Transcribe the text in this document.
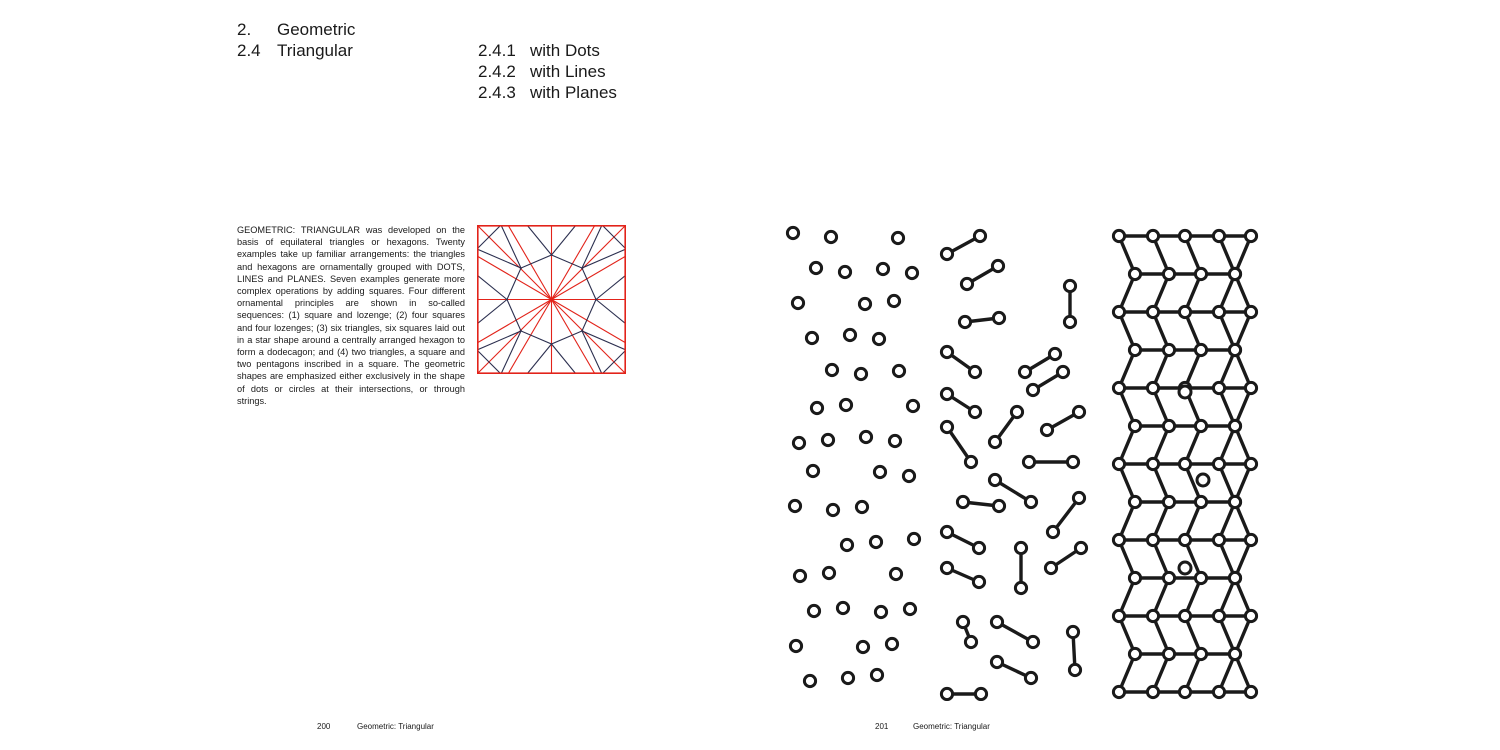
2. Geometric
2.4 Triangular	2.4.1 with Dots
2.4.2 with Lines
2.4.3 with Planes

GEOMETRIC: TRIANGULAR was developed on the basis of equilateral triangles or hexagons. Twenty examples take up familiar arrangements: the triangles and hexagons are ornamentally grouped with DOTS, LINES and PLANES. Seven examples generate more complex operations by adding squares. Four different ornamental principles are shown in so-called sequences: (1) square and lozenge; (2) four squares and four lozenges; (3) six triangles, six squares laid out in a star shape around a centrally arranged hexagon to form a dodecagon; and (4) two triangles, a square and two pentagons inscribed in a square. The geometric shapes are emphasized either exclusively in the shape of dots or circles at their intersections, or through strings.

200	Geometric: Triangular	201	Geometric: Triangular
